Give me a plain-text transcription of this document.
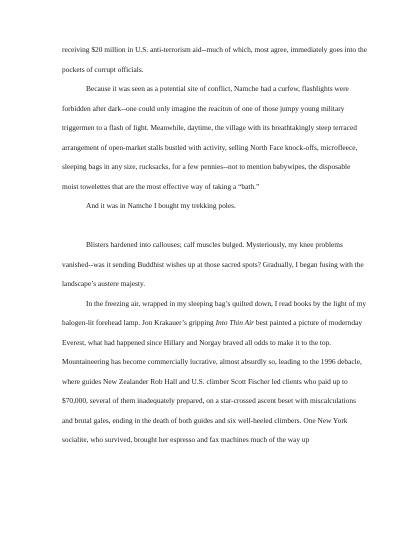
receiving $20 million in U.S. anti-terrorism aid--much of which, most agree, immediately goes into the pockets of corrupt officials.

Because it was seen as a potential site of conflict, Namche had a curfew, flashlights were forbidden after dark--one could only imagine the reaciton of one of those jumpy young military triggermen to a flash of light. Meanwhile, daytime, the village with its breathtakingly steep terraced arrangement of open-market stalls bustled with activity, selling North Face knock-offs, microfleece, sleeping bags in any size, rucksacks, for a few pennies--not to mention babywipes, the disposable moist towelettes that are the most effective way of taking a “bath.”

And it was in Namche I bought my trekking poles.

Blisters hardened into callouses; calf muscles bulged. Mysteriously, my knee problems vanished--was it sending Buddhist wishes up at those sacred spots? Gradually, I began fusing with the landscape’s austere majesty.

In the freezing air, wrapped in my sleeping bag’s quilted down, I read books by the light of my halogen-lit forehead lamp. Jon Krakauer’s gripping Into Thin Air best painted a picture of modernday Everest, what had happened since Hillary and Norgay braved all odds to make it to the top. Mountaineering has become commercially lucrative, almost absurdly so, leading to the 1996 debacle, where guides New Zealander Rob Hall and U.S. climber Scott Fischer led clients who paid up to $70,000, several of them inadequately prepared, on a star-crossed ascent beset with miscalculations and brutal gales, ending in the death of both guides and six well-heeled climbers. One New York socialite, who survived, brought her espresso and fax machines much of the way up
